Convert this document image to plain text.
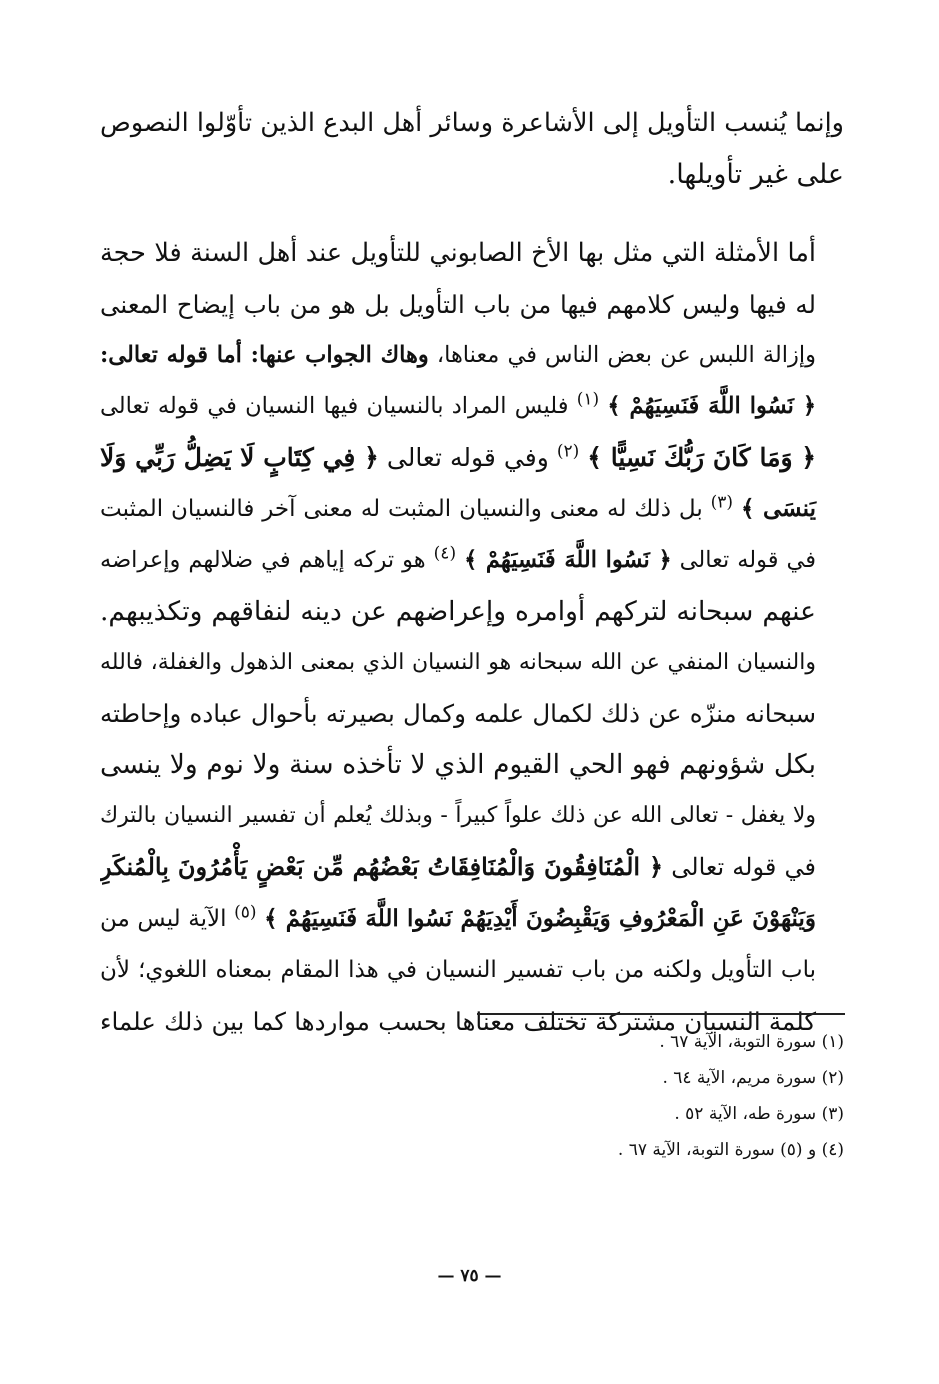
وإنما يُنسب التأويل إلى الأشاعرة وسائر أهل البدع الذين تأوّلوا النصوص
على غير تأويلها.
أما الأمثلة التي مثل بها الأخ الصابوني للتأويل عند أهل السنة فلا حجة
له فيها وليس كلامهم فيها من باب التأويل بل هو من باب إيضاح المعنى
وإزالة اللبس عن بعض الناس في معناها، وهاك الجواب عنها: أما قوله تعالى:
﴿ نَسُوا اللَّهَ فَنَسِيَهُمْ ﴾ $^{(١)}$ فليس المراد بالنسيان فيها النسيان في قوله تعالى
﴿ وَمَا كَانَ رَبُّكَ نَسِيًّا ﴾ $^{(٢)}$ وفي قوله تعالى ﴿ فِي كِتَابٍ لَا يَضِلُّ رَبِّي وَلَا
يَنسَى ﴾ $^{(٣)}$ بل ذلك له معنى والنسيان المثبت له معنى آخر فالنسيان المثبت
في قوله تعالى ﴿ نَسُوا اللَّهَ فَنَسِيَهُمْ ﴾ $^{(٤)}$ هو تركه إياهم في ضلالهم وإعراضه
عنهم سبحانه لتركهم أوامره وإعراضهم عن دينه لنفاقهم وتكذيبهم.
والنسيان المنفي عن الله سبحانه هو النسيان الذي بمعنى الذهول والغفلة، فالله
سبحانه منزّه عن ذلك لكمال علمه وكمال بصيرته بأحوال عباده وإحاطته
بكل شؤونهم فهو الحي القيوم الذي لا تأخذه سنة ولا نوم ولا ينسى
ولا يغفل - تعالى الله عن ذلك علواً كبيراً - وبذلك يُعلم أن تفسير النسيان بالترك
في قوله تعالى ﴿ الْمُنَافِقُونَ وَالْمُنَافِقَاتُ بَعْضُهُم مِّن بَعْضٍ يَأْمُرُونَ بِالْمُنكَرِ
وَيَنْهَوْنَ عَنِ الْمَعْرُوفِ وَيَقْبِضُونَ أَيْدِيَهُمْ نَسُوا اللَّهَ فَنَسِيَهُمْ ﴾ $^{(٥)}$ الآية ليس من
باب التأويل ولكنه من باب تفسير النسيان في هذا المقام بمعناه اللغوي؛ لأن
كلمة النسيان مشتركة تختلف معناها بحسب مواردها كما بين ذلك علماء
(١) سورة التوبة، الآية ٦٧ .
(٢) سورة مريم، الآية ٦٤ .
(٣) سورة طه، الآية ٥٢ .
(٤) و (٥) سورة التوبة، الآية ٦٧ .
— ٧٥ —
